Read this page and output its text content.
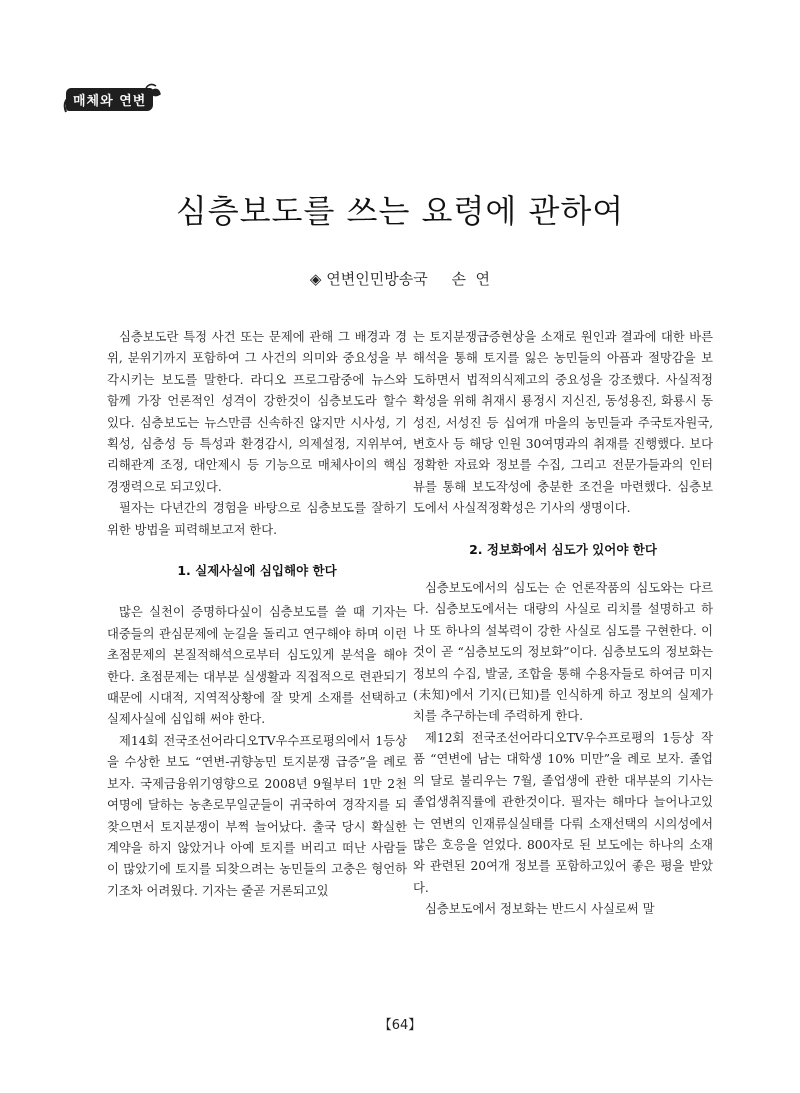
매체와 연변
심층보도를 쓰는 요령에 관하여
◈ 연변인민방송국 손  연

심층보도란 특정 사건 또는 문제에 관해 그 배경과 경위, 분위기까지 포함하여 그 사건의 의미와 중요성을 부각시키는 보도를 말한다. 라디오 프로그람중에 뉴스와 함께 가장 언론적인 성격이 강한것이 심층보도라 할수 있다. 심층보도는 뉴스만큼 신속하진 않지만 시사성, 기획성, 심층성 등 특성과 환경감시, 의제설정, 지위부여, 리해관계 조정, 대안제시 등 기능으로 매체사이의 핵심경쟁력으로 되고있다.

필자는 다년간의 경험을 바탕으로 심층보도를 잘하기 위한 방법을 피력해보고저 한다.

1. 실제사실에 심입해야 한다

많은 실천이 증명하다싶이 심층보도를 쓸 때 기자는 대중들의 관심문제에 눈길을 돌리고 연구해야 하며 이런 초점문제의 본질적해석으로부터 심도있게 분석을 해야 한다. 초점문제는 대부분 실생활과 직접적으로 련관되기때문에 시대적, 지역적상황에 잘 맞게 소재를 선택하고 실제사실에 심입해 써야 한다.

제14회 전국조선어라디오TV우수프로평의에서 1등상을 수상한 보도 “연변-귀향농민 토지분쟁 급증”을 례로 보자. 국제금융위기영향으로 2008년 9월부터 1만 2천여명에 달하는 농촌로무일군들이 귀국하여 경작지를 되찾으면서 토지분쟁이 부쩍 늘어났다. 출국 당시 확실한 계약을 하지 않았거나 아예 토지를 버리고 떠난 사람들이 많았기에 토지를 되찾으려는 농민들의 고충은 형언하기조차 어려웠다. 기자는 줄곧 거론되고있

는 토지분쟁급증현상을 소재로 원인과 결과에 대한 바른 해석을 통해 토지를 잃은 농민들의 아픔과 절망감을 보도하면서 법적의식제고의 중요성을 강조했다. 사실적정확성을 위해 취재시 룡정시 지신진, 동성용진, 화룡시 동성진, 서성진 등 십여개 마을의 농민들과 주국토자원국, 변호사 등 해당 인원 30여명과의 취재를 진행했다. 보다 정확한 자료와 정보를 수집, 그리고 전문가들과의 인터뷰를 통해 보도작성에 충분한 조건을 마련했다. 심층보도에서 사실적정확성은 기사의 생명이다.

2. 정보화에서 심도가 있어야 한다

심층보도에서의 심도는 순 언론작품의 심도와는 다르다. 심층보도에서는 대량의 사실로 리치를 설명하고 하나 또 하나의 설복력이 강한 사실로 심도를 구현한다. 이것이 곧 “심층보도의 정보화”이다. 심층보도의 정보화는 정보의 수집, 발굴, 조합을 통해 수용자들로 하여금 미지(未知)에서 기지(已知)를 인식하게 하고 정보의 실제가치를 추구하는데 주력하게 한다.

제12회 전국조선어라디오TV우수프로평의 1등상 작품 “연변에 남는 대학생 10% 미만”을 례로 보자. 졸업의 달로 불리우는 7월, 졸업생에 관한 대부분의 기사는 졸업생취직률에 관한것이다. 필자는 해마다 늘어나고있는 연변의 인재류실실태를 다뤄 소재선택의 시의성에서 많은 호응을 얻었다. 800자로 된 보도에는 하나의 소재와 관련된 20여개 정보를 포함하고있어 좋은 평을 받았다.

심층보도에서 정보화는 반드시 사실로써 말

【64】
